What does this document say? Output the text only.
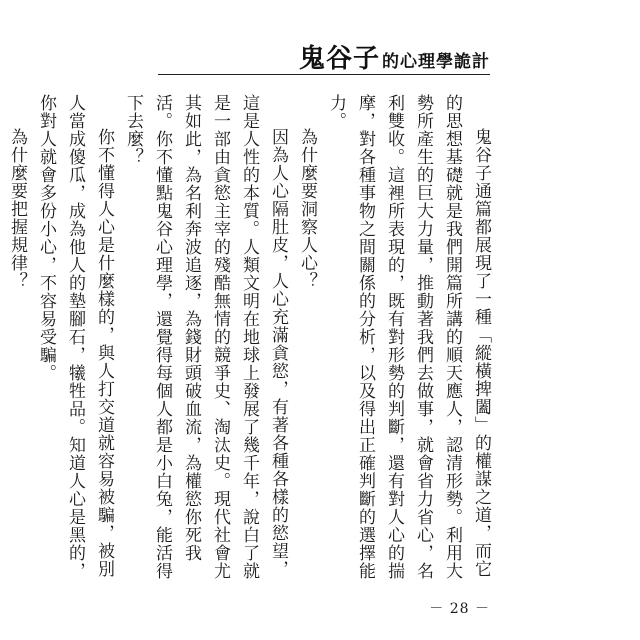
鬼谷子 的心理學詭計

鬼谷子通篇都展現了一種「縱橫捭闔」的權謀之道，而它的思想基礎就是我們開篇所講的順天應人，認清形勢。利用大勢所產生的巨大力量，推動著我們去做事，就會省力省心，名利雙收。這裡所表現的，既有對形勢的判斷，還有對人心的揣摩，對各種事物之間關係的分析，以及得出正確判斷的選擇能力。

為什麼要洞察人心？

因為人心隔肚皮，人心充滿貪慾，有著各種各樣的慾望，這是人性的本質。人類文明在地球上發展了幾千年，說白了就是一部由貪慾主宰的殘酷無情的競爭史、淘汰史。現代社會尤其如此，為名利奔波追逐，為錢財頭破血流，為權慾你死我活。你不懂點鬼谷心理學，還覺得每個人都是小白兔，能活得下去麼？

你不懂得人心是什麼樣的，與人打交道就容易被騙，被別人當成傻瓜，成為他人的墊腳石，犧牲品。知道人心是黑的，你對人就會多份小心，不容易受騙。

為什麼要把握規律？

－ 28 －
